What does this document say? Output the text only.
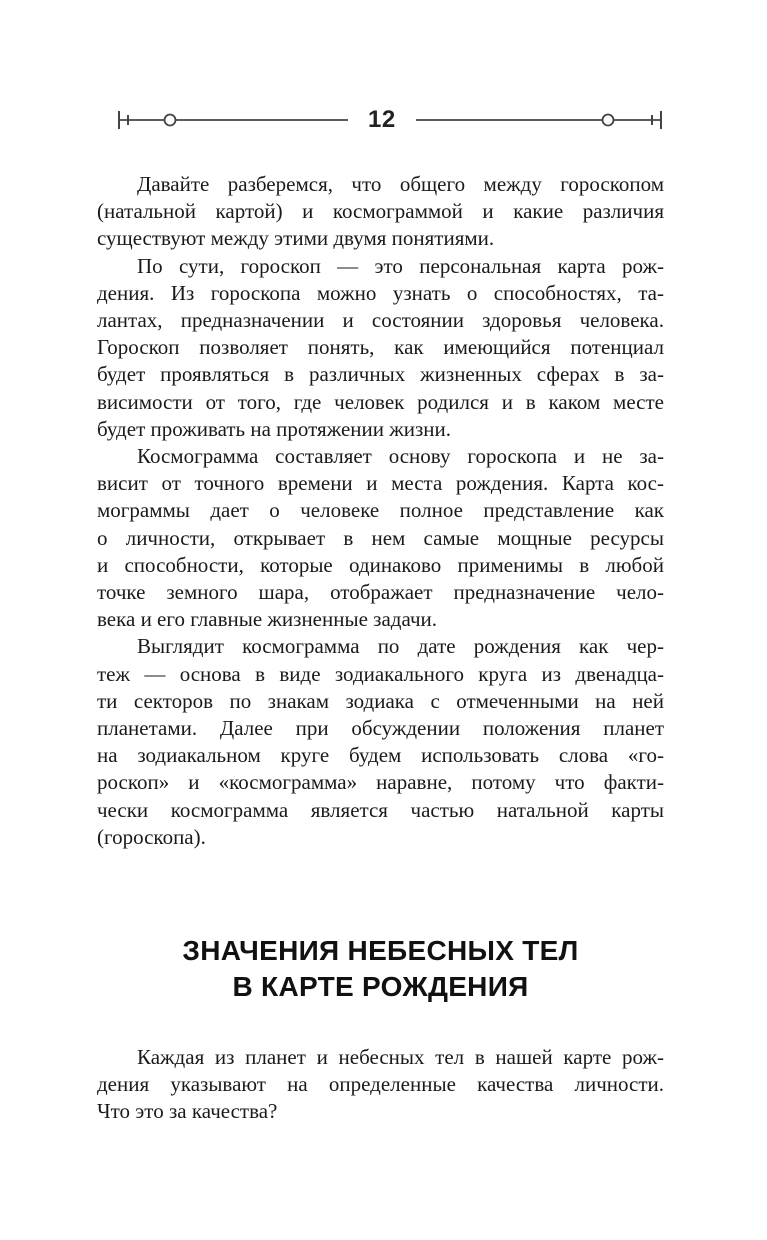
12
Давайте разберемся, что общего между гороскопом
(натальной картой) и космограммой и какие различия
существуют между этими двумя понятиями.
По сути, гороскоп — это персональная карта рож-
дения. Из гороскопа можно узнать о способностях, та-
лантах, предназначении и состоянии здоровья человека.
Гороскоп позволяет понять, как имеющийся потенциал
будет проявляться в различных жизненных сферах в за-
висимости от того, где человек родился и в каком месте
будет проживать на протяжении жизни.
Космограмма составляет основу гороскопа и не за-
висит от точного времени и места рождения. Карта кос-
мограммы дает о человеке полное представление как
о личности, открывает в нем самые мощные ресурсы
и способности, которые одинаково применимы в любой
точке земного шара, отображает предназначение чело-
века и его главные жизненные задачи.
Выглядит космограмма по дате рождения как чер-
теж — основа в виде зодиакального круга из двенадца-
ти секторов по знакам зодиака с отмеченными на ней
планетами. Далее при обсуждении положения планет
на зодиакальном круге будем использовать слова «го-
роскоп» и «космограмма» наравне, потому что факти-
чески космограмма является частью натальной карты
(гороскопа).
ЗНАЧЕНИЯ НЕБЕСНЫХ ТЕЛ
В КАРТЕ РОЖДЕНИЯ
Каждая из планет и небесных тел в нашей карте рож-
дения указывают на определенные качества личности.
Что это за качества?
